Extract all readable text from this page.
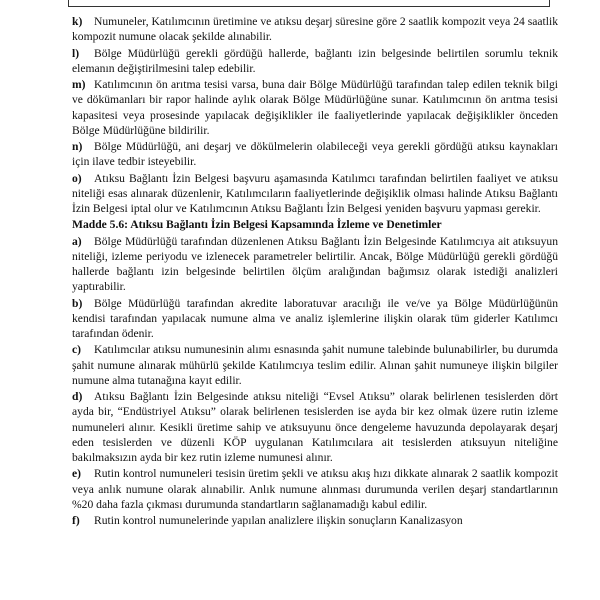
k) Numuneler, Katılımcının üretimine ve atıksu deşarj süresine göre 2 saatlik kompozit veya 24 saatlik kompozit numune olacak şekilde alınabilir.

l) Bölge Müdürlüğü gerekli gördüğü hallerde, bağlantı izin belgesinde belirtilen sorumlu teknik elemanın değiştirilmesini talep edebilir.

m) Katılımcının ön arıtma tesisi varsa, buna dair Bölge Müdürlüğü tarafından talep edilen teknik bilgi ve dökümanları bir rapor halinde aylık olarak Bölge Müdürlüğüne sunar. Katılımcının ön arıtma tesisi kapasitesi veya prosesinde yapılacak değişiklikler ile faaliyetlerinde yapılacak değişiklikler önceden Bölge Müdürlüğüne bildirilir.

n) Bölge Müdürlüğü, ani deşarj ve dökülmelerin olabileceği veya gerekli gördüğü atıksu kaynakları için ilave tedbir isteyebilir.

o) Atıksu Bağlantı İzin Belgesi başvuru aşamasında Katılımcı tarafından belirtilen faaliyet ve atıksu niteliği esas alınarak düzenlenir, Katılımcıların faaliyetlerinde değişiklik olması halinde Atıksu Bağlantı İzin Belgesi iptal olur ve Katılımcının Atıksu Bağlantı İzin Belgesi yeniden başvuru yapması gerekir.

Madde 5.6: Atıksu Bağlantı İzin Belgesi Kapsamında İzleme ve Denetimler

a) Bölge Müdürlüğü tarafından düzenlenen Atıksu Bağlantı İzin Belgesinde Katılımcıya ait atıksuyun niteliği, izleme periyodu ve izlenecek parametreler belirtilir. Ancak, Bölge Müdürlüğü gerekli gördüğü hallerde bağlantı izin belgesinde belirtilen ölçüm aralığından bağımsız olarak istediği analizleri yaptırabilir.

b) Bölge Müdürlüğü tarafından akredite laboratuvar aracılığı ile ve/ve ya Bölge Müdürlüğünün kendisi tarafından yapılacak numune alma ve analiz işlemlerine ilişkin olarak tüm giderler Katılımcı tarafından ödenir.

c) Katılımcılar atıksu numunesinin alımı esnasında şahit numune talebinde bulunabilirler, bu durumda şahit numune alınarak mühürlü şekilde Katılımcıya teslim edilir. Alınan şahit numuneye ilişkin bilgiler numune alma tutanağına kayıt edilir.

d) Atıksu Bağlantı İzin Belgesinde atıksu niteliği “Evsel Atıksu” olarak belirlenen tesislerden dört ayda bir, “Endüstriyel Atıksu” olarak belirlenen tesislerden ise ayda bir kez olmak üzere rutin izleme numuneleri alınır. Kesikli üretime sahip ve atıksuyunu önce dengeleme havuzunda depolayarak deşarj eden tesislerden ve düzenli KÖP uygulanan Katılımcılara ait tesislerden atıksuyun niteliğine bakılmaksızın ayda bir kez rutin izleme numunesi alınır.

e) Rutin kontrol numuneleri tesisin üretim şekli ve atıksu akış hızı dikkate alınarak 2 saatlik kompozit veya anlık numune olarak alınabilir. Anlık numune alınması durumunda verilen deşarj standartlarının %20 daha fazla çıkması durumunda standartların sağlanamadığı kabul edilir.

f) Rutin kontrol numunelerinde yapılan analizlere ilişkin sonuçların Kanalizasyon
